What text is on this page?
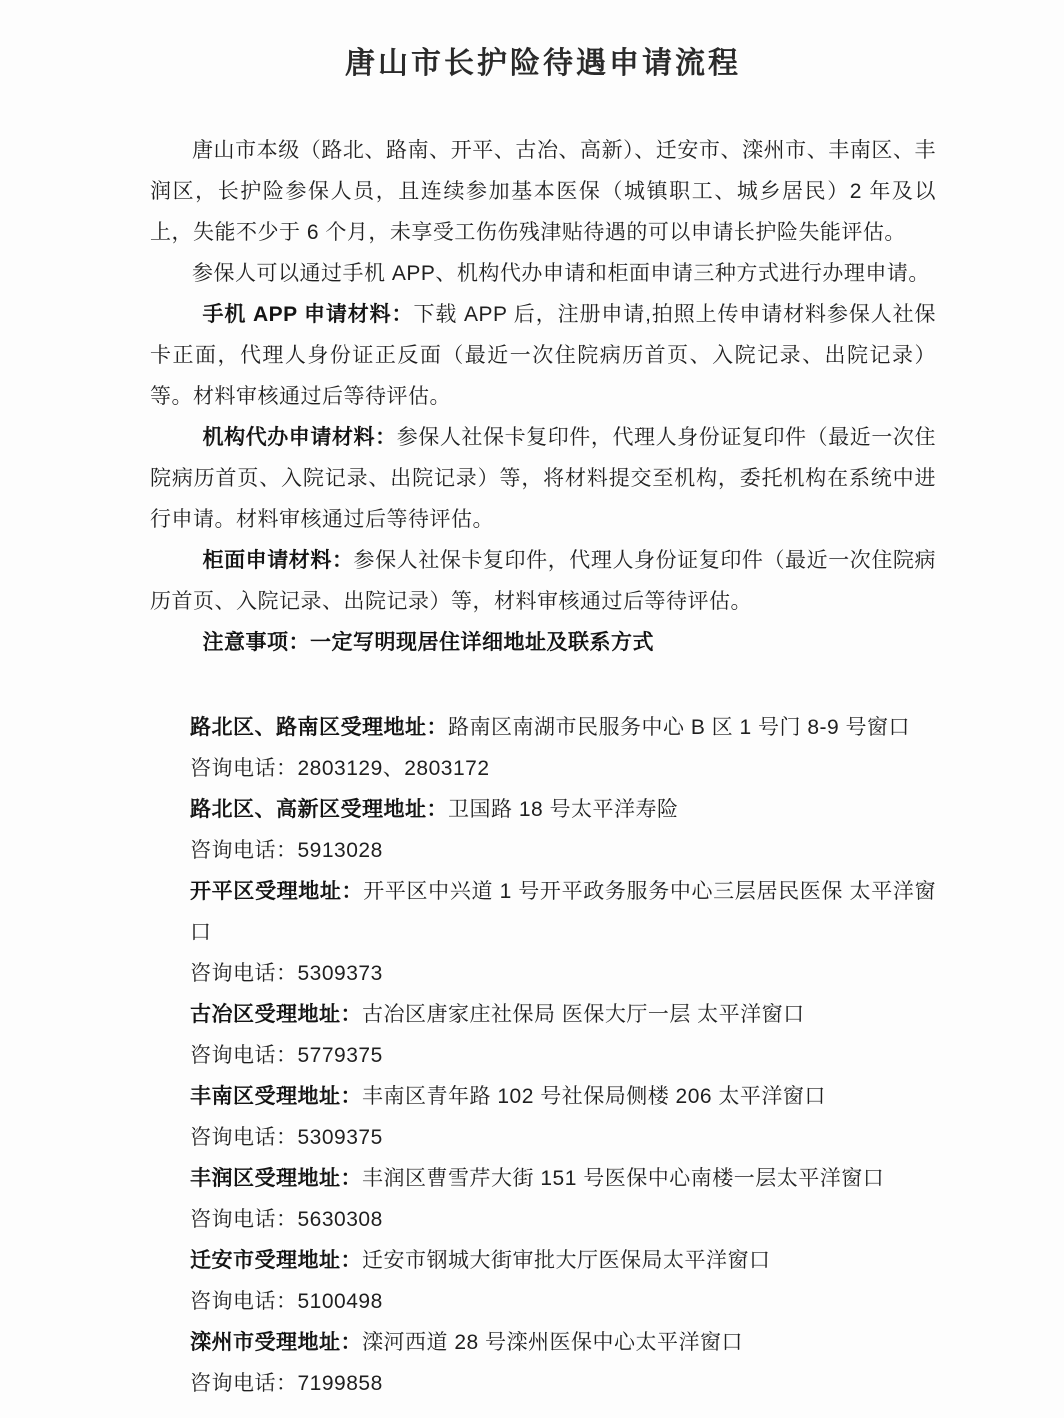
唐山市长护险待遇申请流程

唐山市本级（路北、路南、开平、古冶、高新）、迁安市、滦州市、丰南区、丰润区，长护险参保人员，且连续参加基本医保（城镇职工、城乡居民）2 年及以上，失能不少于 6 个月，未享受工伤伤残津贴待遇的可以申请长护险失能评估。

参保人可以通过手机 APP、机构代办申请和柜面申请三种方式进行办理申请。

手机 APP 申请材料：下载 APP 后，注册申请,拍照上传申请材料参保人社保卡正面，代理人身份证正反面（最近一次住院病历首页、入院记录、出院记录）等。材料审核通过后等待评估。

机构代办申请材料：参保人社保卡复印件，代理人身份证复印件（最近一次住院病历首页、入院记录、出院记录）等，将材料提交至机构，委托机构在系统中进行申请。材料审核通过后等待评估。

柜面申请材料：参保人社保卡复印件，代理人身份证复印件（最近一次住院病历首页、入院记录、出院记录）等，材料审核通过后等待评估。

注意事项：一定写明现居住详细地址及联系方式

路北区、路南区受理地址：路南区南湖市民服务中心 B 区 1 号门 8-9 号窗口
咨询电话：2803129、2803172
路北区、高新区受理地址：卫国路 18 号太平洋寿险
咨询电话：5913028
开平区受理地址：开平区中兴道 1 号开平政务服务中心三层居民医保 太平洋窗口
咨询电话：5309373
古冶区受理地址：古冶区唐家庄社保局 医保大厅一层 太平洋窗口
咨询电话：5779375
丰南区受理地址：丰南区青年路 102 号社保局侧楼 206 太平洋窗口
咨询电话：5309375
丰润区受理地址：丰润区曹雪芹大街 151 号医保中心南楼一层太平洋窗口
咨询电话：5630308
迁安市受理地址：迁安市钢城大街审批大厅医保局太平洋窗口
咨询电话：5100498
滦州市受理地址：滦河西道 28 号滦州医保中心太平洋窗口
咨询电话：7199858
